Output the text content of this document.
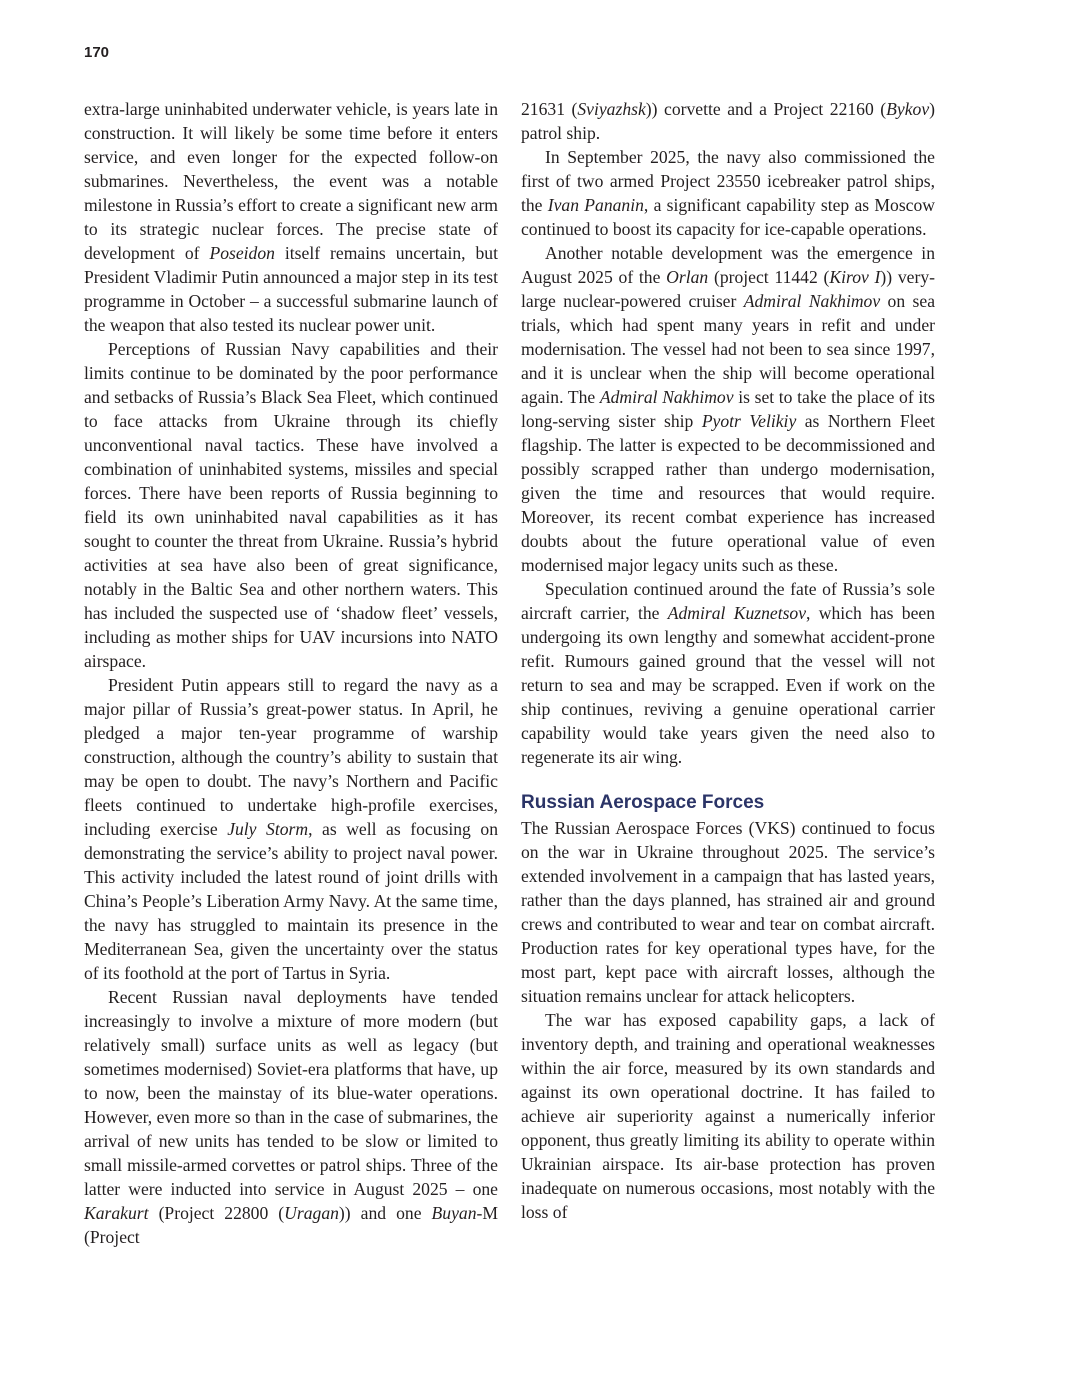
170

extra-large uninhabited underwater vehicle, is years late in construction. It will likely be some time before it enters service, and even longer for the expected follow-on submarines. Nevertheless, the event was a notable milestone in Russia’s effort to create a significant new arm to its strategic nuclear forces. The precise state of development of Poseidon itself remains uncertain, but President Vladimir Putin announced a major step in its test programme in October – a successful submarine launch of the weapon that also tested its nuclear power unit.

Perceptions of Russian Navy capabilities and their limits continue to be dominated by the poor performance and setbacks of Russia’s Black Sea Fleet, which continued to face attacks from Ukraine through its chiefly unconventional naval tactics. These have involved a combination of uninhabited systems, missiles and special forces. There have been reports of Russia beginning to field its own uninhabited naval capabilities as it has sought to counter the threat from Ukraine. Russia’s hybrid activities at sea have also been of great significance, notably in the Baltic Sea and other northern waters. This has included the suspected use of ‘shadow fleet’ vessels, including as mother ships for UAV incursions into NATO airspace.

President Putin appears still to regard the navy as a major pillar of Russia’s great-power status. In April, he pledged a major ten-year programme of warship construction, although the country’s ability to sustain that may be open to doubt. The navy’s Northern and Pacific fleets continued to undertake high-profile exercises, including exercise July Storm, as well as focusing on demonstrating the service’s ability to project naval power. This activity included the latest round of joint drills with China’s People’s Liberation Army Navy. At the same time, the navy has struggled to maintain its presence in the Mediterranean Sea, given the uncertainty over the status of its foothold at the port of Tartus in Syria.

Recent Russian naval deployments have tended increasingly to involve a mixture of more modern (but relatively small) surface units as well as legacy (but sometimes modernised) Soviet-era platforms that have, up to now, been the mainstay of its blue-water operations. However, even more so than in the case of submarines, the arrival of new units has tended to be slow or limited to small missile-armed corvettes or patrol ships. Three of the latter were inducted into service in August 2025 – one Karakurt (Project 22800 (Uragan)) and one Buyan-M (Project

21631 (Sviyazhsk)) corvette and a Project 22160 (Bykov) patrol ship.

In September 2025, the navy also commissioned the first of two armed Project 23550 icebreaker patrol ships, the Ivan Pananin, a significant capability step as Moscow continued to boost its capacity for ice-capable operations.

Another notable development was the emergence in August 2025 of the Orlan (project 11442 (Kirov I)) very-large nuclear-powered cruiser Admiral Nakhimov on sea trials, which had spent many years in refit and under modernisation. The vessel had not been to sea since 1997, and it is unclear when the ship will become operational again. The Admiral Nakhimov is set to take the place of its long-serving sister ship Pyotr Velikiy as Northern Fleet flagship. The latter is expected to be decommissioned and possibly scrapped rather than undergo modernisation, given the time and resources that would require. Moreover, its recent combat experience has increased doubts about the future operational value of even modernised major legacy units such as these.

Speculation continued around the fate of Russia’s sole aircraft carrier, the Admiral Kuznetsov, which has been undergoing its own lengthy and somewhat accident-prone refit. Rumours gained ground that the vessel will not return to sea and may be scrapped. Even if work on the ship continues, reviving a genuine operational carrier capability would take years given the need also to regenerate its air wing.

Russian Aerospace Forces

The Russian Aerospace Forces (VKS) continued to focus on the war in Ukraine throughout 2025. The service’s extended involvement in a campaign that has lasted years, rather than the days planned, has strained air and ground crews and contributed to wear and tear on combat aircraft. Production rates for key operational types have, for the most part, kept pace with aircraft losses, although the situation remains unclear for attack helicopters.

The war has exposed capability gaps, a lack of inventory depth, and training and operational weaknesses within the air force, measured by its own standards and against its own operational doctrine. It has failed to achieve air superiority against a numerically inferior opponent, thus greatly limiting its ability to operate within Ukrainian airspace. Its air-base protection has proven inadequate on numerous occasions, most notably with the loss of
